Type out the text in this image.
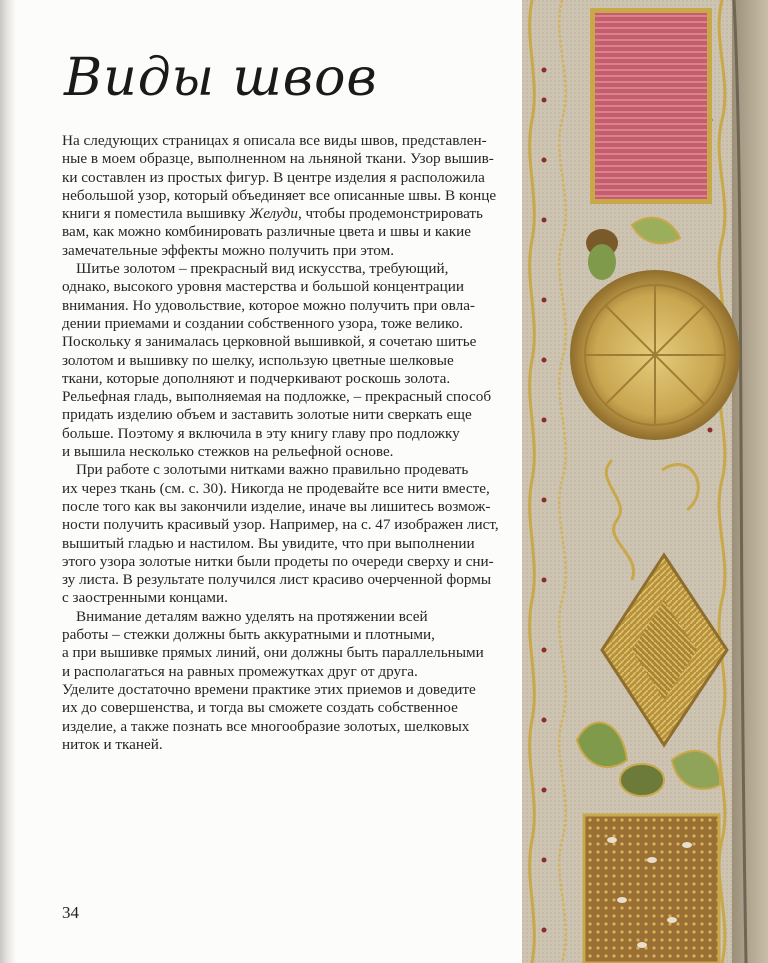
Виды швов
На следующих страницах я описала все виды швов, представлен-
ные в моем образце, выполненном на льняной ткани. Узор вышив-
ки составлен из простых фигур. В центре изделия я расположила
небольшой узор, который объединяет все описанные швы. В конце
книги я поместила вышивку Желуди, чтобы продемонстрировать
вам, как можно комбинировать различные цвета и швы и какие
замечательные эффекты можно получить при этом.
Шитье золотом – прекрасный вид искусства, требующий,
однако, высокого уровня мастерства и большой концентрации
внимания. Но удовольствие, которое можно получить при овла-
дении приемами и создании собственного узора, тоже велико.
Поскольку я занималась церковной вышивкой, я сочетаю шитье
золотом и вышивку по шелку, использую цветные шелковые
ткани, которые дополняют и подчеркивают роскошь золота.
Рельефная гладь, выполняемая на подложке, – прекрасный способ
придать изделию объем и заставить золотые нити сверкать еще
больше. Поэтому я включила в эту книгу главу про подложку
и вышила несколько стежков на рельефной основе.
При работе с золотыми нитками важно правильно продевать
их через ткань (см. с. 30). Никогда не продевайте все нити вместе,
после того как вы закончили изделие, иначе вы лишитесь возмож-
ности получить красивый узор. Например, на с. 47 изображен лист,
вышитый гладью и настилом. Вы увидите, что при выполнении
этого узора золотые нитки были продеты по очереди сверху и сни-
зу листа. В результате получился лист красиво очерченной формы
с заостренными концами.
Внимание деталям важно уделять на протяжении всей
работы – стежки должны быть аккуратными и плотными,
а при вышивке прямых линий, они должны быть параллельными
и располагаться на равных промежутках друг от друга.
Уделите достаточно времени практике этих приемов и доведите
их до совершенства, и тогда вы сможете создать собственное
изделие, а также познать все многообразие золотых, шелковых
ниток и тканей.
34
